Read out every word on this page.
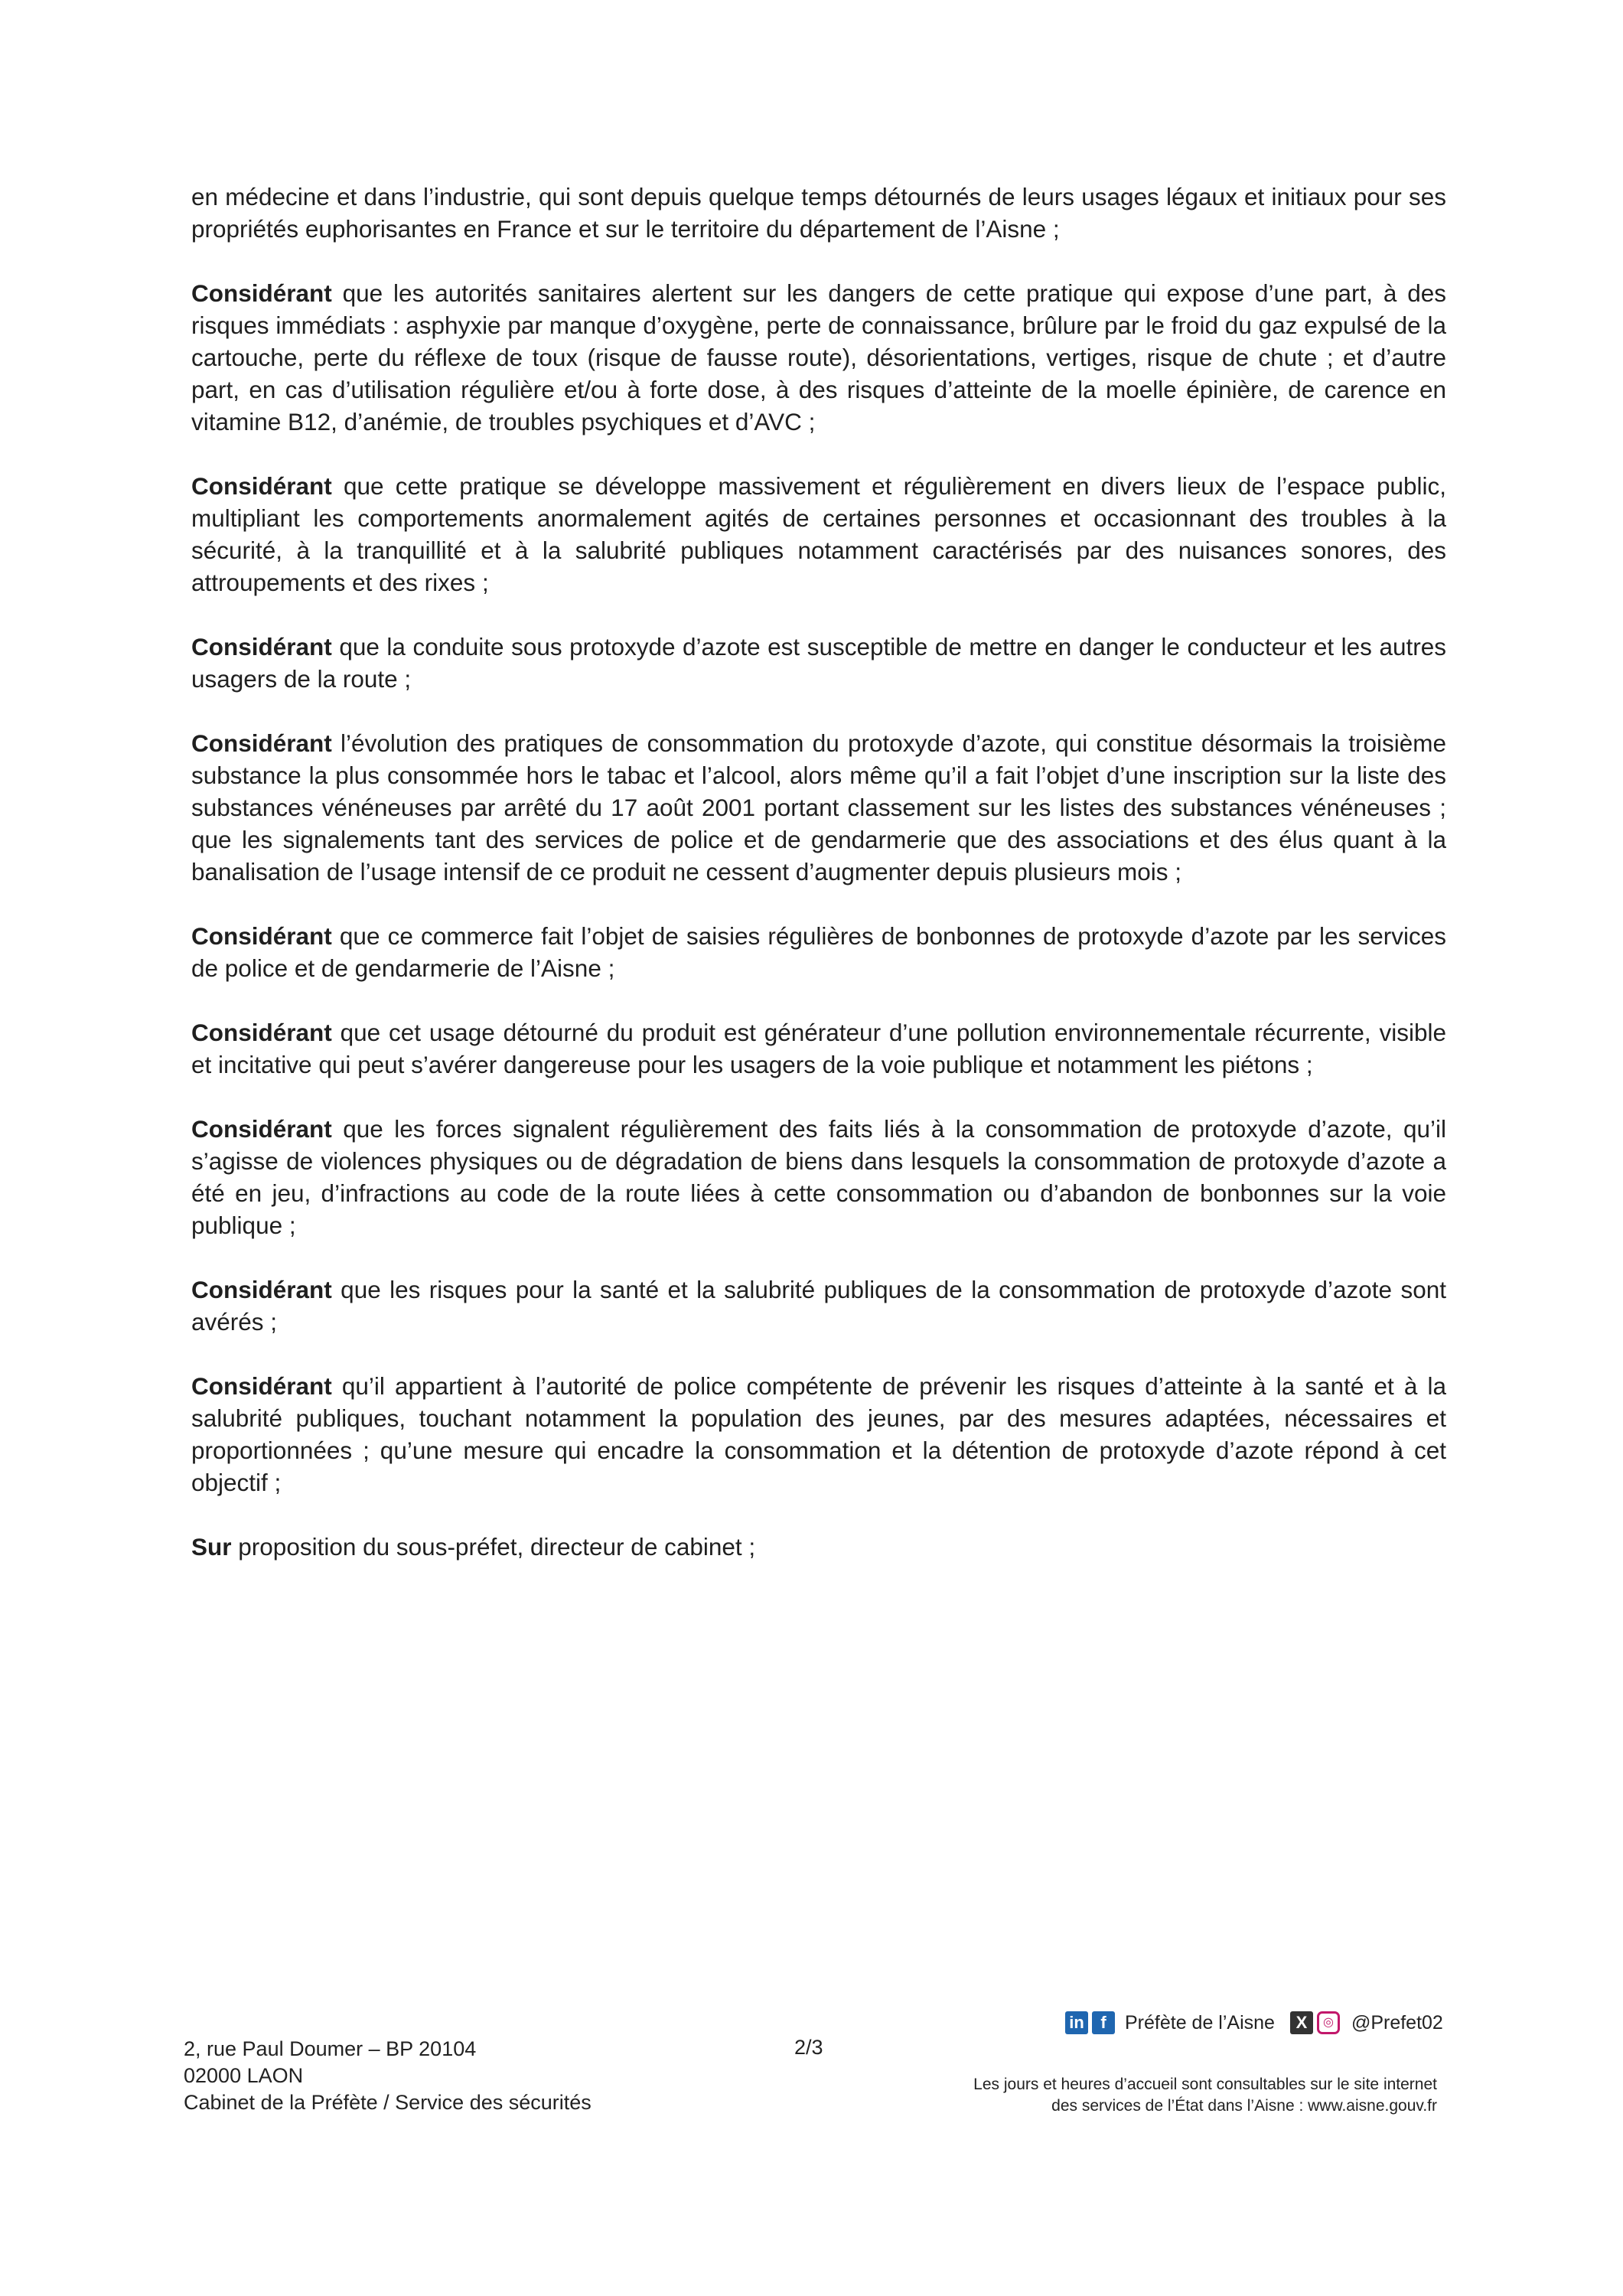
en médecine et dans l’industrie, qui sont depuis quelque temps détournés de leurs usages légaux et initiaux pour ses propriétés euphorisantes en France et sur le territoire du département de l’Aisne ;

Considérant que les autorités sanitaires alertent sur les dangers de cette pratique qui expose d’une part, à des risques immédiats : asphyxie par manque d’oxygène, perte de connaissance, brûlure par le froid du gaz expulsé de la cartouche, perte du réflexe de toux (risque de fausse route), désorientations, vertiges, risque de chute ; et d’autre part, en cas d’utilisation régulière et/ou à forte dose, à des risques d’atteinte de la moelle épinière, de carence en vitamine B12, d’anémie, de troubles psychiques et d’AVC ;

Considérant que cette pratique se développe massivement et régulièrement en divers lieux de l’espace public, multipliant les comportements anormalement agités de certaines personnes et occasionnant des troubles à la sécurité, à la tranquillité et à la salubrité publiques notamment caractérisés par des nuisances sonores, des attroupements et des rixes ;

Considérant que la conduite sous protoxyde d’azote est susceptible de mettre en danger le conducteur et les autres usagers de la route ;

Considérant l’évolution des pratiques de consommation du protoxyde d’azote, qui constitue désormais la troisième substance la plus consommée hors le tabac et l’alcool, alors même qu’il a fait l’objet d’une inscription sur la liste des substances vénéneuses par arrêté du 17 août 2001 portant classement sur les listes des substances vénéneuses ; que les signalements tant des services de police et de gendarmerie que des associations et des élus quant à la banalisation de l’usage intensif de ce produit ne cessent d’augmenter depuis plusieurs mois ;

Considérant que ce commerce fait l’objet de saisies régulières de bonbonnes de protoxyde d’azote par les services de police et de gendarmerie de l’Aisne ;

Considérant que cet usage détourné du produit est générateur d’une pollution environnementale récurrente, visible et incitative qui peut s’avérer dangereuse pour les usagers de la voie publique et notamment les piétons ;

Considérant que les forces signalent régulièrement des faits liés à la consommation de protoxyde d’azote, qu’il s’agisse de violences physiques ou de dégradation de biens dans lesquels la consommation de protoxyde d’azote a été en jeu, d’infractions au code de la route liées à cette consommation ou d’abandon de bonbonnes sur la voie publique ;

Considérant que les risques pour la santé et la salubrité publiques de la consommation de protoxyde d’azote sont avérés ;

Considérant qu’il appartient à l’autorité de police compétente de prévenir les risques d’atteinte à la santé et à la salubrité publiques, touchant notamment la population des jeunes, par des mesures adaptées, nécessaires et proportionnées ; qu’une mesure qui encadre la consommation et la détention de protoxyde d’azote répond à cet objectif ;

Sur proposition du sous-préfet, directeur de cabinet ;

2, rue Paul Doumer – BP 20104
02000 LAON
Cabinet de la Préfète / Service des sécurités
2/3
in f Préfète de l’Aisne	X	◎ @Prefet02
Les jours et heures d’accueil sont consultables sur le site internet
des services de l’État dans l’Aisne : www.aisne.gouv.fr
